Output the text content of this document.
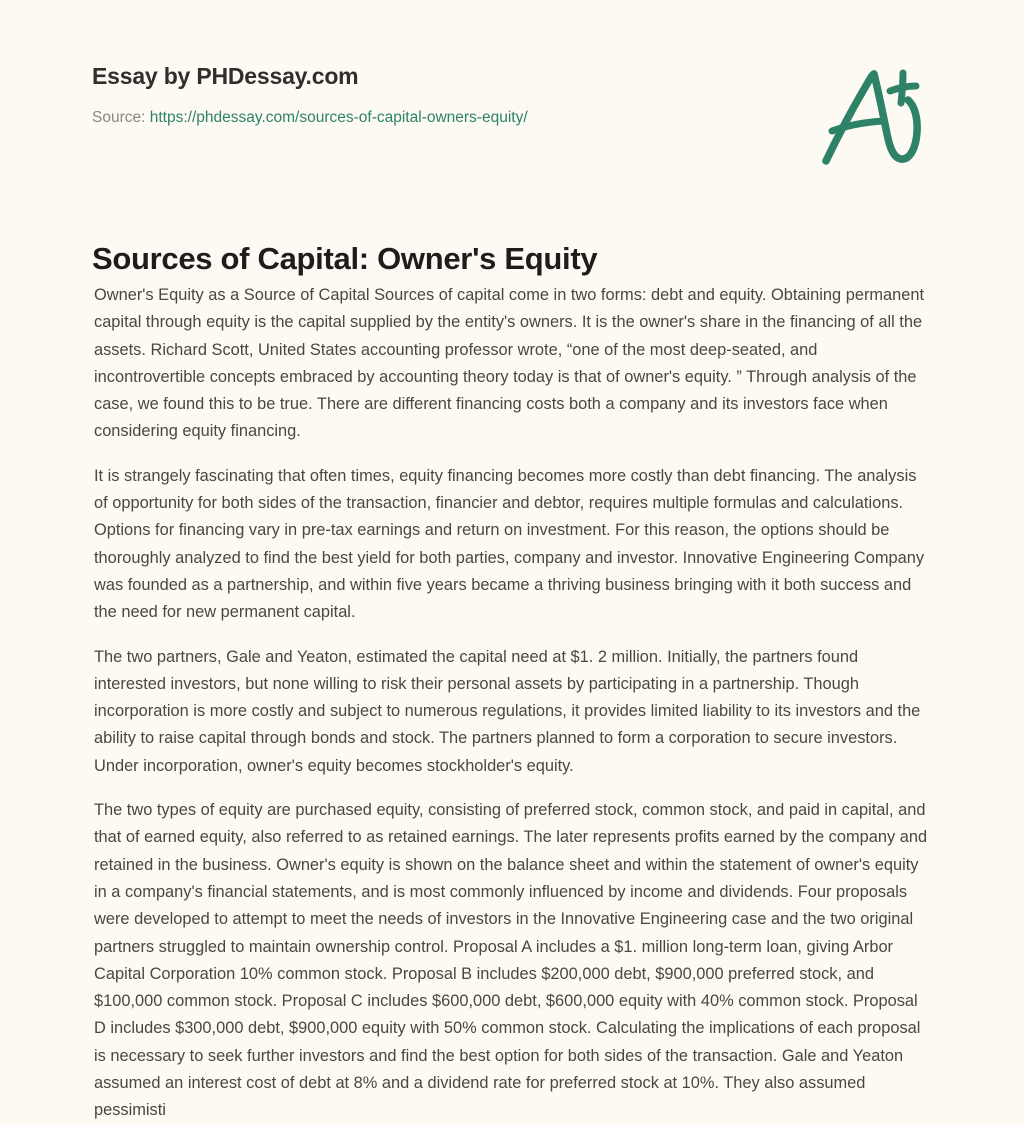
Essay by PHDessay.com
Source: https://phdessay.com/sources-of-capital-owners-equity/
Sources of Capital: Owner's Equity

Owner's Equity as a Source of Capital Sources of capital come in two forms: debt and equity. Obtaining permanent capital through equity is the capital supplied by the entity's owners. It is the owner's share in the financing of all the assets. Richard Scott, United States accounting professor wrote, “one of the most deep-seated, and incontrovertible concepts embraced by accounting theory today is that of owner's equity. ” Through analysis of the case, we found this to be true. There are different financing costs both a company and its investors face when considering equity financing.

It is strangely fascinating that often times, equity financing becomes more costly than debt financing. The analysis of opportunity for both sides of the transaction, financier and debtor, requires multiple formulas and calculations. Options for financing vary in pre-tax earnings and return on investment. For this reason, the options should be thoroughly analyzed to find the best yield for both parties, company and investor. Innovative Engineering Company was founded as a partnership, and within five years became a thriving business bringing with it both success and the need for new permanent capital.

The two partners, Gale and Yeaton, estimated the capital need at $1. 2 million. Initially, the partners found interested investors, but none willing to risk their personal assets by participating in a partnership. Though incorporation is more costly and subject to numerous regulations, it provides limited liability to its investors and the ability to raise capital through bonds and stock. The partners planned to form a corporation to secure investors. Under incorporation, owner's equity becomes stockholder's equity.

The two types of equity are purchased equity, consisting of preferred stock, common stock, and paid in capital, and that of earned equity, also referred to as retained earnings. The later represents profits earned by the company and retained in the business. Owner's equity is shown on the balance sheet and within the statement of owner's equity in a company's financial statements, and is most commonly influenced by income and dividends. Four proposals were developed to attempt to meet the needs of investors in the Innovative Engineering case and the two original partners struggled to maintain ownership control. Proposal A includes a $1. million long-term loan, giving Arbor Capital Corporation 10% common stock. Proposal B includes $200,000 debt, $900,000 preferred stock, and $100,000 common stock. Proposal C includes $600,000 debt, $600,000 equity with 40% common stock. Proposal D includes $300,000 debt, $900,000 equity with 50% common stock. Calculating the implications of each proposal is necessary to seek further investors and find the best option for both sides of the transaction. Gale and Yeaton assumed an interest cost of debt at 8% and a dividend rate for preferred stock at 10%. They also assumed pessimisti
